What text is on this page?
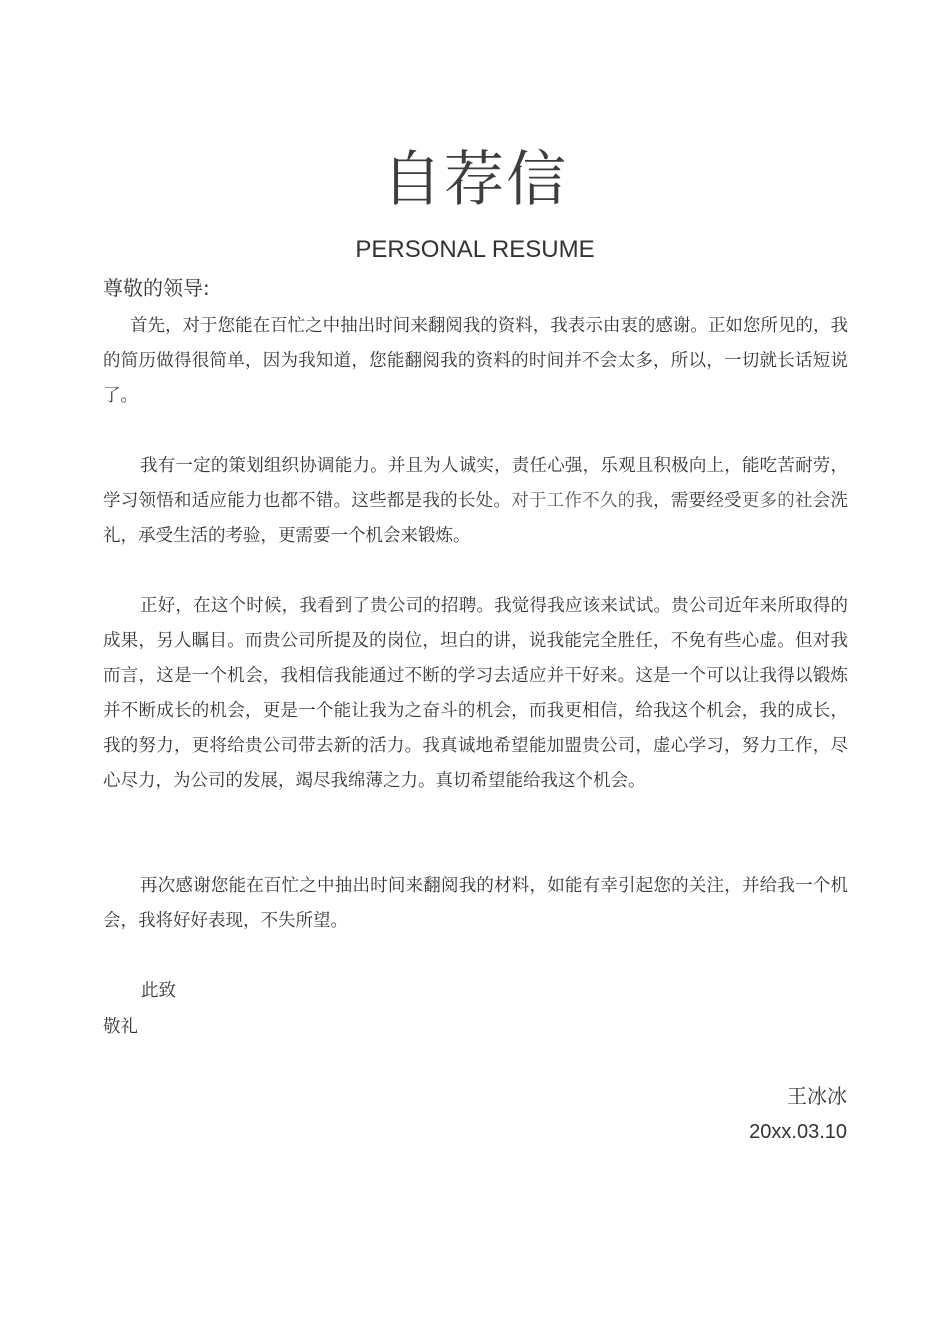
自荐信
PERSONAL RESUME
尊敬的领导:
首先，对于您能在百忙之中抽出时间来翻阅我的资料，我表示由衷的感谢。正如您所见的，我的简历做得很简单，因为我知道，您能翻阅我的资料的时间并不会太多，所以，一切就长话短说了。
我有一定的策划组织协调能力。并且为人诚实，责任心强，乐观且积极向上，能吃苦耐劳，学习领悟和适应能力也都不错。这些都是我的长处。对于工作不久的我，需要经受更多的社会洗礼，承受生活的考验，更需要一个机会来锻炼。
正好，在这个时候，我看到了贵公司的招聘。我觉得我应该来试试。贵公司近年来所取得的成果，另人瞩目。而贵公司所提及的岗位，坦白的讲，说我能完全胜任，不免有些心虚。但对我而言，这是一个机会，我相信我能通过不断的学习去适应并干好来。这是一个可以让我得以锻炼并不断成长的机会，更是一个能让我为之奋斗的机会，而我更相信，给我这个机会，我的成长，我的努力，更将给贵公司带去新的活力。我真诚地希望能加盟贵公司，虚心学习，努力工作，尽心尽力，为公司的发展，竭尽我绵薄之力。真切希望能给我这个机会。
再次感谢您能在百忙之中抽出时间来翻阅我的材料，如能有幸引起您的关注，并给我一个机会，我将好好表现，不失所望。
此致
敬礼
王冰冰
20xx.03.10
